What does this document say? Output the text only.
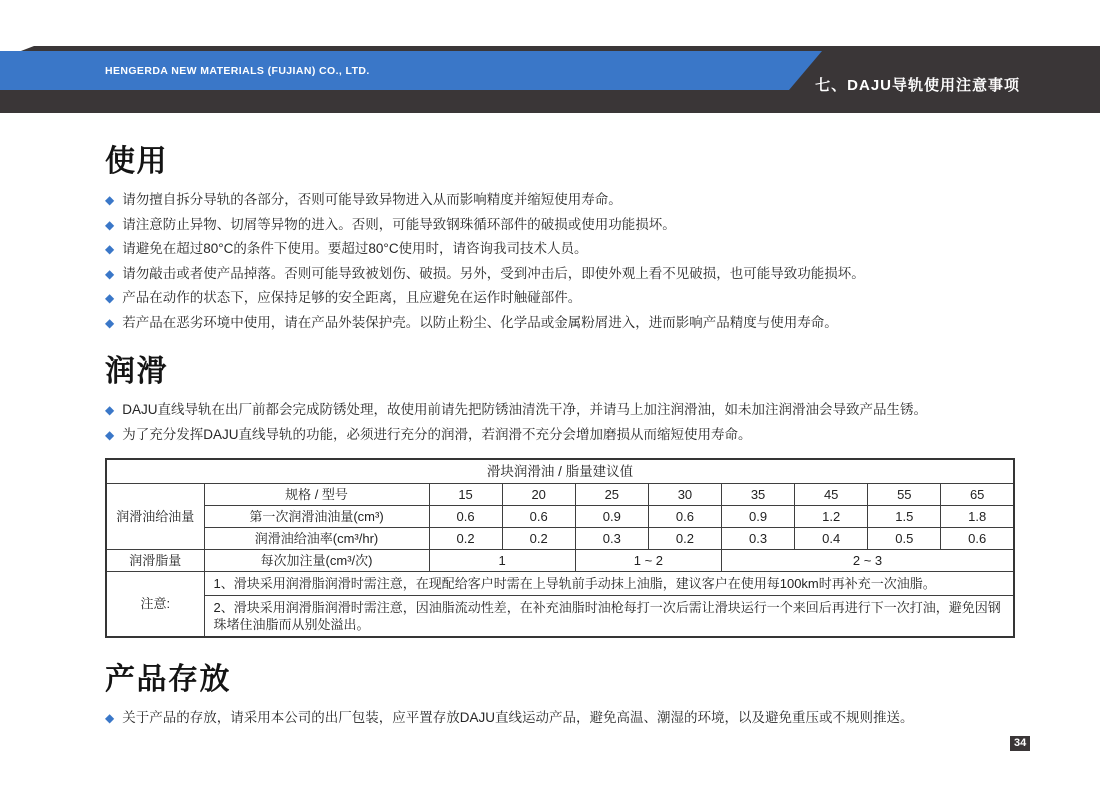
HENGERDA NEW MATERIALS (FUJIAN) CO., LTD.
七、DAJU导轨使用注意事项
使用
◆ 请勿擅自拆分导轨的各部分，否则可能导致异物进入从而影响精度并缩短使用寿命。
◆ 请注意防止异物、切屑等异物的进入。否则，可能导致钢珠循环部件的破损或使用功能损坏。
◆ 请避免在超过80°C的条件下使用。要超过80°C使用时，请咨询我司技术人员。
◆ 请勿敲击或者使产品掉落。否则可能导致被划伤、破损。另外，受到冲击后，即使外观上看不见破损，也可能导致功能损坏。
◆ 产品在动作的状态下，应保持足够的安全距离，且应避免在运作时触碰部件。
◆ 若产品在恶劣环境中使用，请在产品外装保护壳。以防止粉尘、化学品或金属粉屑进入，进而影响产品精度与使用寿命。
润滑
◆ DAJU直线导轨在出厂前都会完成防锈处理，故使用前请先把防锈油清洗干净，并请马上加注润滑油，如未加注润滑油会导致产品生锈。
◆ 为了充分发挥DAJU直线导轨的功能，必须进行充分的润滑，若润滑不充分会增加磨损从而缩短使用寿命。
滑块润滑油 / 脂量建议值									
润滑油给油量	规格 / 型号	15	20	25	30	35	45	55	65
	第一次润滑油油量(cm³)	0.6	0.6	0.9	0.6	0.9	1.2	1.5	1.8
	润滑油给油率(cm³/hr)	0.2	0.2	0.3	0.2	0.3	0.4	0.5	0.6
润滑脂量	每次加注量(cm³/次)	1		1 ~ 2		2 ~ 3			
注意:	1、滑块采用润滑脂润滑时需注意，在现配给客户时需在上导轨前手动抹上油脂，建议客户在使用每100km时再补充一次油脂。								
	2、滑块采用润滑脂润滑时需注意，因油脂流动性差，在补充油脂时油枪每打一次后需让滑块运行一个来回后再进行下一次打油，避免因钢珠堵住油脂而从别处溢出。								
产品存放
◆ 关于产品的存放，请采用本公司的出厂包装，应平置存放DAJU直线运动产品，避免高温、潮湿的环境，以及避免重压或不规则推送。
34
